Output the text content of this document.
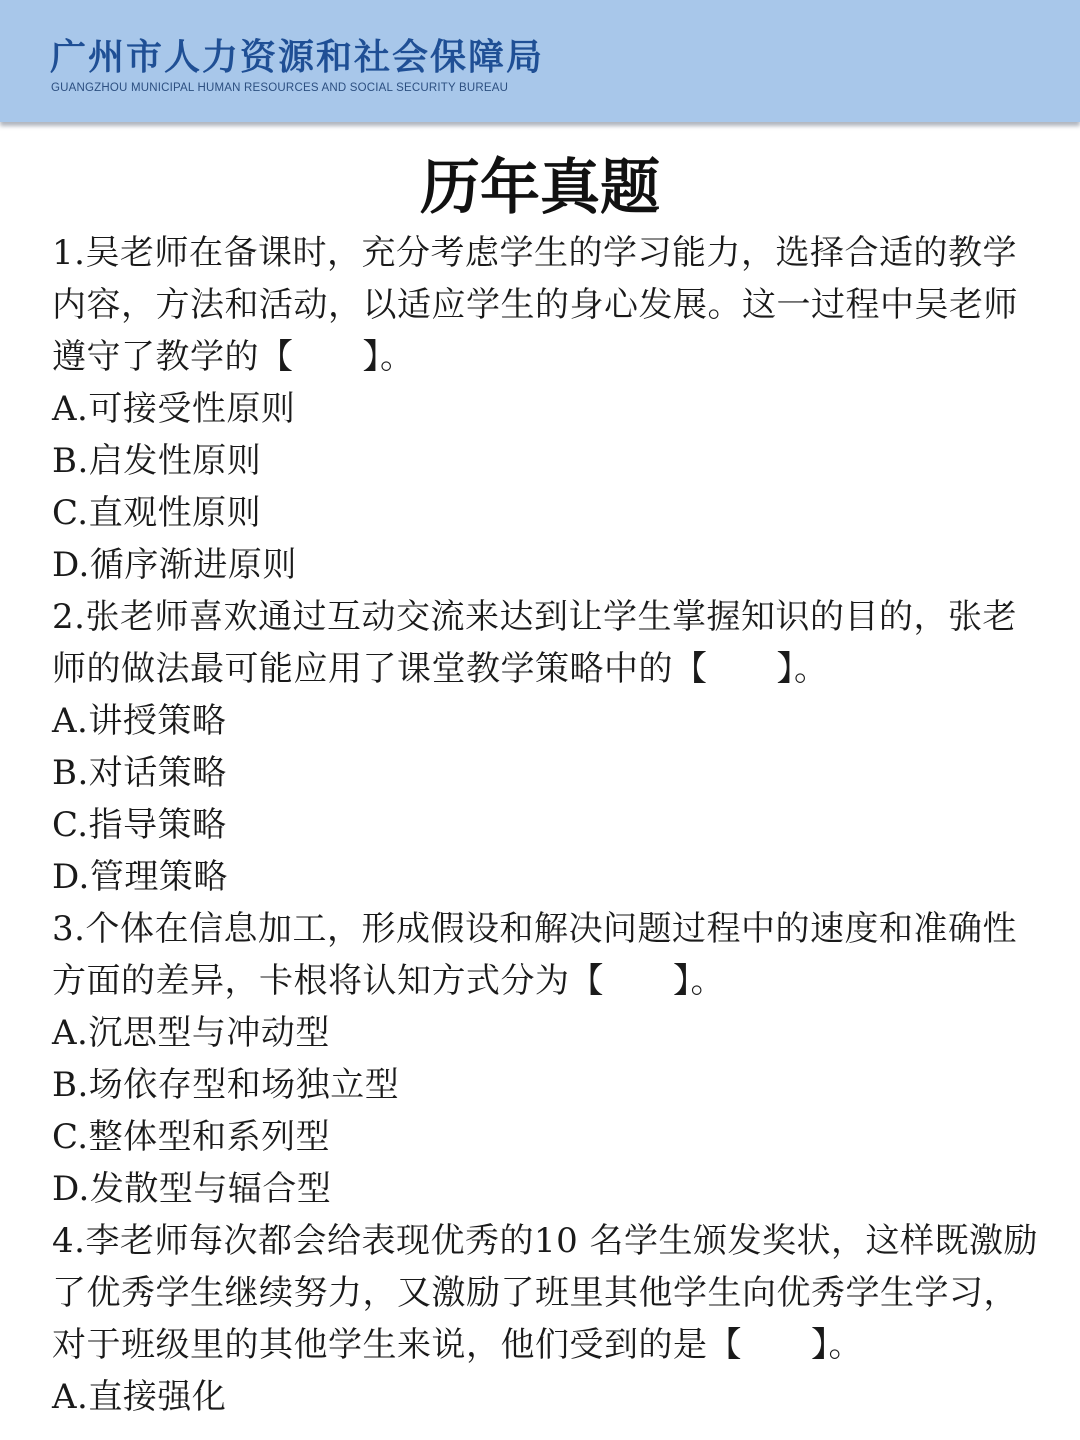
广州市人力资源和社会保障局
GUANGZHOU MUNICIPAL HUMAN RESOURCES AND SOCIAL SECURITY BUREAU
历年真题
1.吴老师在备课时，充分考虑学生的学习能力，选择合适的教学
内容，方法和活动，以适应学生的身心发展。这一过程中吴老师
遵守了教学的【　　】。
A.可接受性原则
B.启发性原则
C.直观性原则
D.循序渐进原则
2.张老师喜欢通过互动交流来达到让学生掌握知识的目的，张老
师的做法最可能应用了课堂教学策略中的【　　】。
A.讲授策略
B.对话策略
C.指导策略
D.管理策略
3.个体在信息加工，形成假设和解决问题过程中的速度和准确性
方面的差异，卡根将认知方式分为【　　】。
A.沉思型与冲动型
B.场依存型和场独立型
C.整体型和系列型
D.发散型与辐合型
4.李老师每次都会给表现优秀的10 名学生颁发奖状，这样既激励
了优秀学生继续努力，又激励了班里其他学生向优秀学生学习，
对于班级里的其他学生来说，他们受到的是【　　】。
A.直接强化
